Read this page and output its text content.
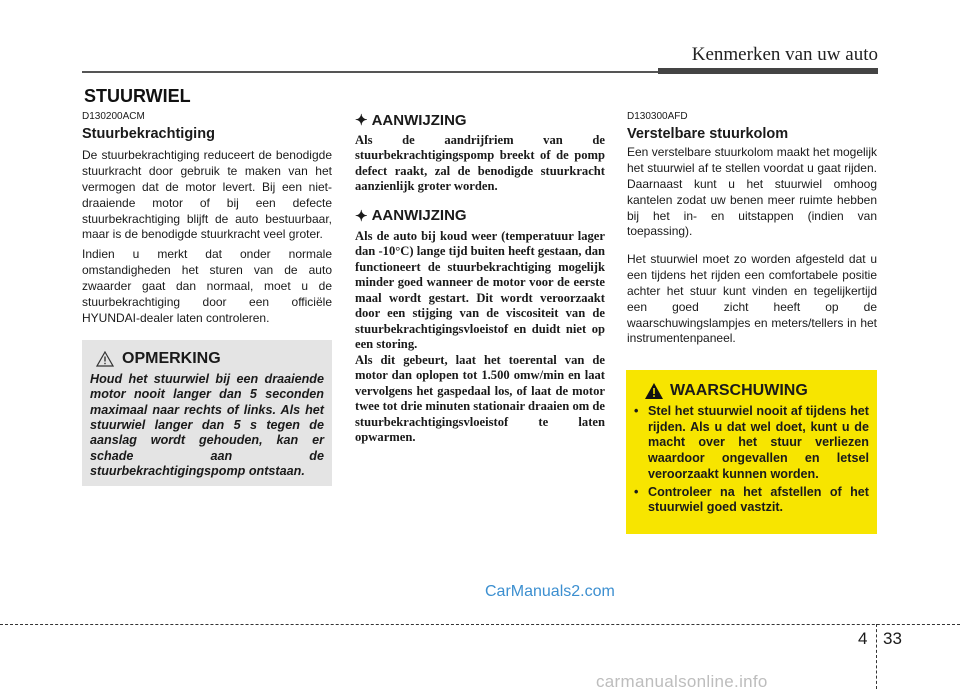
Kenmerken van uw auto
STUURWIEL
D130200ACM
Stuurbekrachtiging

De stuurbekrachtiging reduceert de benodigde stuurkracht door gebruik te maken van het vermogen dat de motor levert. Bij een niet-draaiende motor of bij een defecte stuurbekrachtiging blijft de auto bestuurbaar, maar is de benodigde stuurkracht veel groter.

Indien u merkt dat onder normale omstandigheden het sturen van de auto zwaarder gaat dan normaal, moet u de stuurbekrachtiging door een officiële HYUNDAI-dealer laten controleren.

OPMERKING
Houd het stuurwiel bij een draaiende motor nooit langer dan 5 seconden maximaal naar rechts of links. Als het stuurwiel langer dan 5 s tegen de aanslag wordt gehouden, kan er schade aan de stuurbekrachtigingspomp ontstaan.
✦ AANWIJZING

Als de aandrijfriem van de stuurbekrachtigingspomp breekt of de pomp defect raakt, zal de benodigde stuurkracht aanzienlijk groter worden.

✦ AANWIJZING

Als de auto bij koud weer (temperatuur lager dan -10°C) lange tijd buiten heeft gestaan, dan functioneert de stuurbekrachtiging mogelijk minder goed wanneer de motor voor de eerste maal wordt gestart. Dit wordt veroorzaakt door een stijging van de viscositeit van de stuurbekrachtigingsvloeistof en duidt niet op een storing.

Als dit gebeurt, laat het toerental van de motor dan oplopen tot 1.500 omw/min en laat vervolgens het gaspedaal los, of laat de motor twee tot drie minuten stationair draaien om de stuurbekrachtigingsvloeistof te laten opwarmen.

D130300AFD
Verstelbare stuurkolom

Een verstelbare stuurkolom maakt het mogelijk het stuurwiel af te stellen voordat u gaat rijden. Daarnaast kunt u het stuurwiel omhoog kantelen zodat uw benen meer ruimte hebben bij het in- en uitstappen (indien van toepassing).

Het stuurwiel moet zo worden afgesteld dat u een tijdens het rijden een comfortabele positie achter het stuur kunt vinden en tegelijkertijd een goed zicht heeft op de waarschuwingslampjes en meters/tellers in het instrumentenpaneel.

WAARSCHUWING
• Stel het stuurwiel nooit af tijdens het rijden. Als u dat wel doet, kunt u de macht over het stuur verliezen waardoor ongevallen en letsel veroorzaakt kunnen worden.
• Controleer na het afstellen of het stuurwiel goed vastzit.
CarManuals2.com
4 33
carmanualsonline.info
